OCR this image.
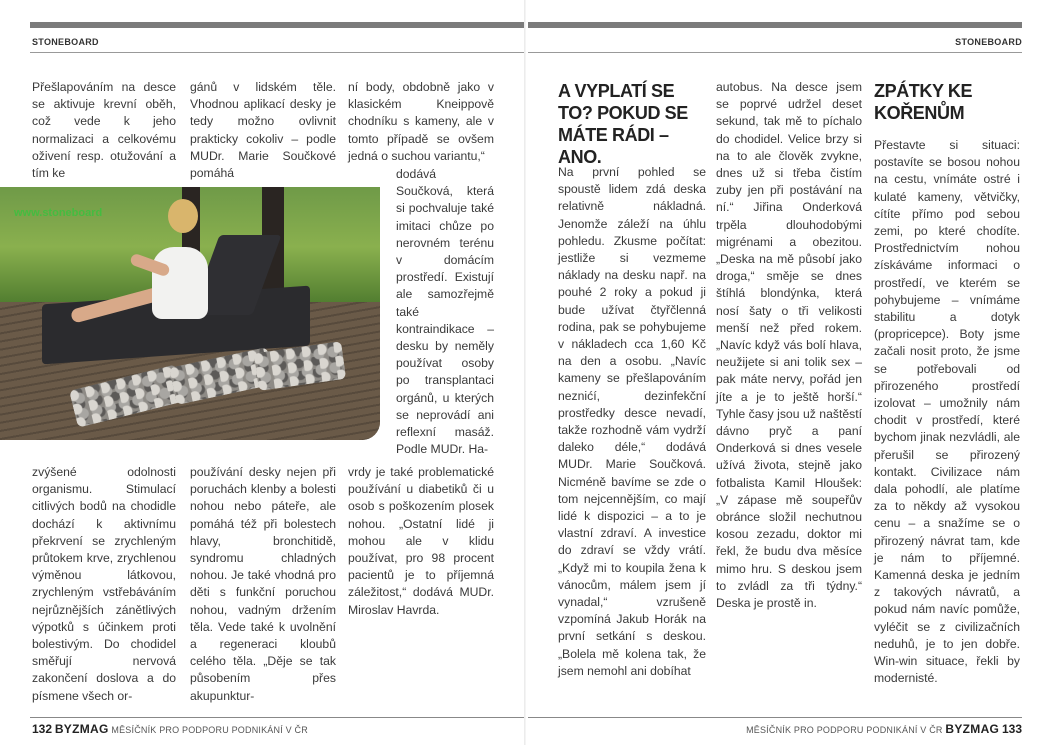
STONEBOARD

Přešlapováním na desce se aktivuje krevní oběh, což vede k jeho normalizaci a celkovému oživení resp. otužování a tím ke

gánů v lidském těle. Vhodnou aplikací desky je tedy možno ovlivnit prakticky cokoliv – podle MUDr. Marie Součkové pomáhá

ní body, obdobně jako v klasickém Kneippově chodníku s kameny, ale v tomto případě se ovšem jedná o suchou variantu,“

dodává Součková, která si pochvaluje také imitaci chůze po nerovném terénu v domácím prostředí. Existují ale samozřejmě také kontraindikace – desku by neměly používat osoby po transplantaci orgánů, u kterých se neprovádí ani reflexní masáž. Podle MUDr. Ha-

www.stoneboard

zvýšené odolnosti organismu. Stimulací citlivých bodů na chodidle dochází k aktivnímu překrvení se zrychleným průtokem krve, zrychlenou výměnou látkovou, zrychleným vstřebáváním nejrůznějších zánětlivých výpotků s účinkem proti bolestivým. Do chodidel směřují nervová zakončení doslova a do písmene všech or-

používání desky nejen při poruchách klenby a bolesti nohou nebo páteře, ale pomáhá též při bolestech hlavy, bronchitidě, syndromu chladných nohou. Je také vhodná pro děti s funkční poruchou nohou, vadným držením těla. Vede také k uvolnění a regeneraci kloubů celého těla. „Děje se tak působením přes akupunktur-

vrdy je také problematické používání u diabetiků či u osob s poškozením plosek nohou. „Ostatní lidé ji mohou ale v klidu používat, pro 98 procent pacientů je to příjemná záležitost,“ dodává MUDr. Miroslav Havrda.

132 BYZMAG MĚSÍČNÍK PRO PODPORU PODNIKÁNÍ V ČR
STONEBOARD
A VYPLATÍ SE TO? POKUD SE MÁTE RÁDI – ANO.

Na první pohled se spoustě lidem zdá deska relativně nákladná. Jenomže záleží na úhlu pohledu. Zkusme počítat: jestliže si vezmeme náklady na desku např. na pouhé 2 roky a pokud ji bude užívat čtyřčlenná rodina, pak se pohybujeme v nákladech cca 1,60 Kč na den a osobu. „Navíc kameny se přešlapováním neznićí, dezinfekční prostředky desce nevadí, takže rozhodně vám vydrží daleko déle,“ dodává MUDr. Marie Součková. Nicméně bavíme se zde o tom nejcennějším, co mají lidé k dispozici – a to je vlastní zdraví. A investice do zdraví se vždy vrátí. „Když mi to koupila žena k vánocům, málem jsem jí vynadal,“ vzrušeně vzpomíná Jakub Horák na první setkání s deskou. „Bolela mě kolena tak, že jsem nemohl ani dobíhat

autobus. Na desce jsem se poprvé udržel deset sekund, tak mě to píchalo do chodidel. Velice brzy si na to ale člověk zvykne, dnes už si třeba čistím zuby jen při postávání na ní.“ Jiřina Onderková trpěla dlouhodobými migrénami a obezitou. „Deska na mě působí jako droga,“ směje se dnes štíhlá blondýnka, která nosí šaty o tři velikosti menší než před rokem. „Navíc když vás bolí hlava, neužijete si ani tolik sex – pak máte nervy, pořád jen jíte a je to ještě horší.“ Tyhle časy jsou už naštěstí dávno pryč a paní Onderková si dnes vesele užívá života, stejně jako fotbalista Kamil Hloušek: „V zápase mě soupeřův obránce složil nechutnou kosou zezadu, doktor mi řekl, že budu dva měsíce mimo hru. S deskou jsem to zvládl za tři týdny.“ Deska je prostě in.

ZPÁTKY KE KOŘENŮM

Přestavte si situaci: postavíte se bosou nohou na cestu, vnímáte ostré i kulaté kameny, větvičky, cítíte přímo pod sebou zemi, po které chodíte. Prostřednictvím nohou získáváme informaci o prostředí, ve kterém se pohybujeme – vnímáme stabilitu a dotyk (propricepce). Boty jsme začali nosit proto, že jsme se potřebovali od přirozeného prostředí izolovat – umožnily nám chodit v prostředí, které bychom jinak nezvládli, ale přerušil se přirozený kontakt. Civilizace nám dala pohodlí, ale platíme za to někdy až vysokou cenu – a snažíme se o přirozený návrat tam, kde je nám to příjemné. Kamenná deska je jedním z takových návratů, a pokud nám navíc pomůže, vyléčit se z civilizačních neduhů, je to jen dobře. Win-win situace, řekli by modernisté.

MĚSÍČNÍK PRO PODPORU PODNIKÁNÍ V ČR BYZMAG 133
